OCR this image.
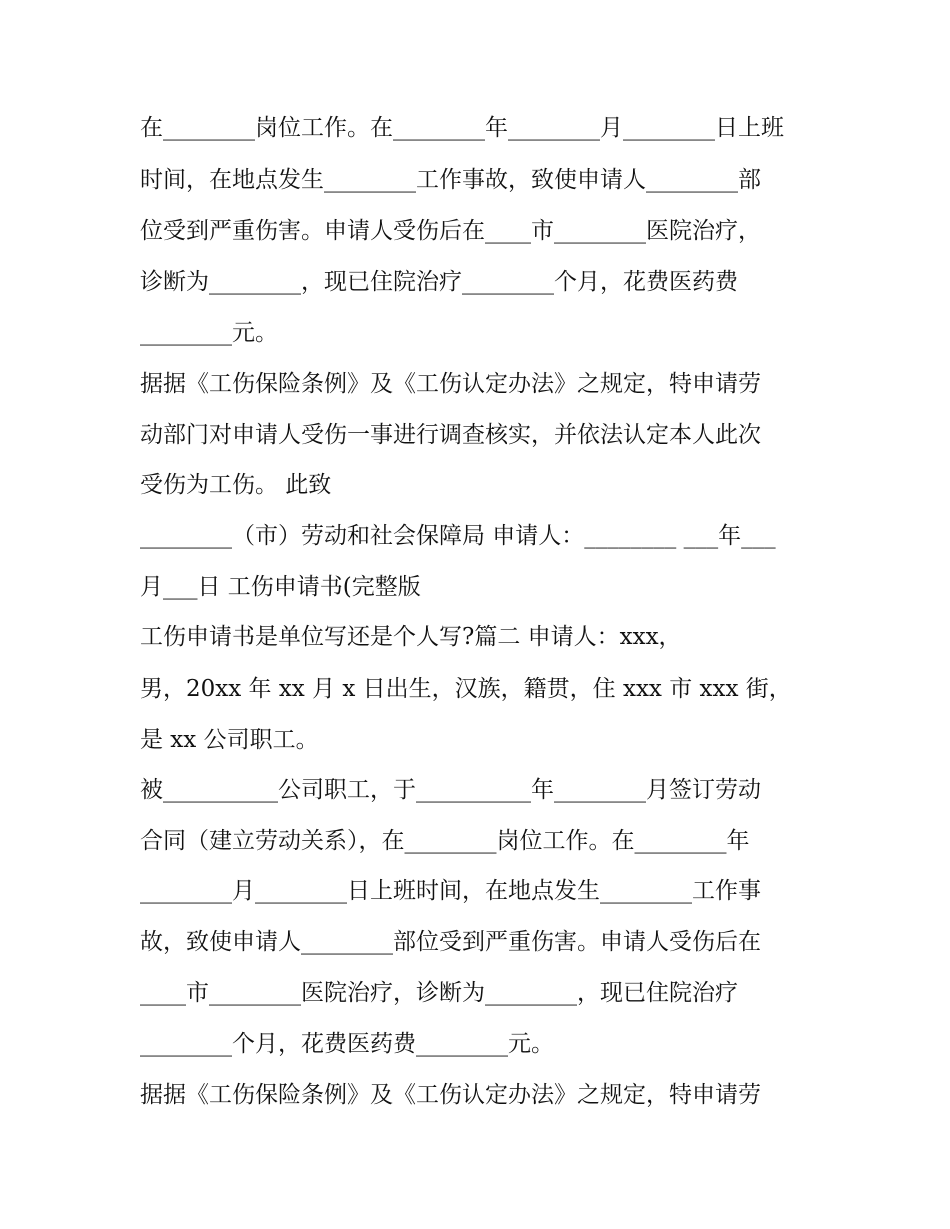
在________岗位工作。在________年________月________日上班
时间，在地点发生________工作事故，致使申请人________部
位受到严重伤害。申请人受伤后在____市________医院治疗，
诊断为________，现已住院治疗________个月，花费医药费
________元。
据据《工伤保险条例》及《工伤认定办法》之规定，特申请劳
动部门对申请人受伤一事进行调查核实，并依法认定本人此次
受伤为工伤。 此致
________（市）劳动和社会保障局 申请人：________ ___年___
月___日 工伤申请书(完整版
工伤申请书是单位写还是个人写?篇二 申请人：xxx，
男，20xx 年 xx 月 x 日出生，汉族，籍贯，住 xxx 市 xxx 街，
是 xx 公司职工。
被__________公司职工，于__________年________月签订劳动
合同（建立劳动关系），在________岗位工作。在________年
________月________日上班时间，在地点发生________工作事
故，致使申请人________部位受到严重伤害。申请人受伤后在
____市________医院治疗，诊断为________，现已住院治疗
________个月，花费医药费________元。
据据《工伤保险条例》及《工伤认定办法》之规定，特申请劳
